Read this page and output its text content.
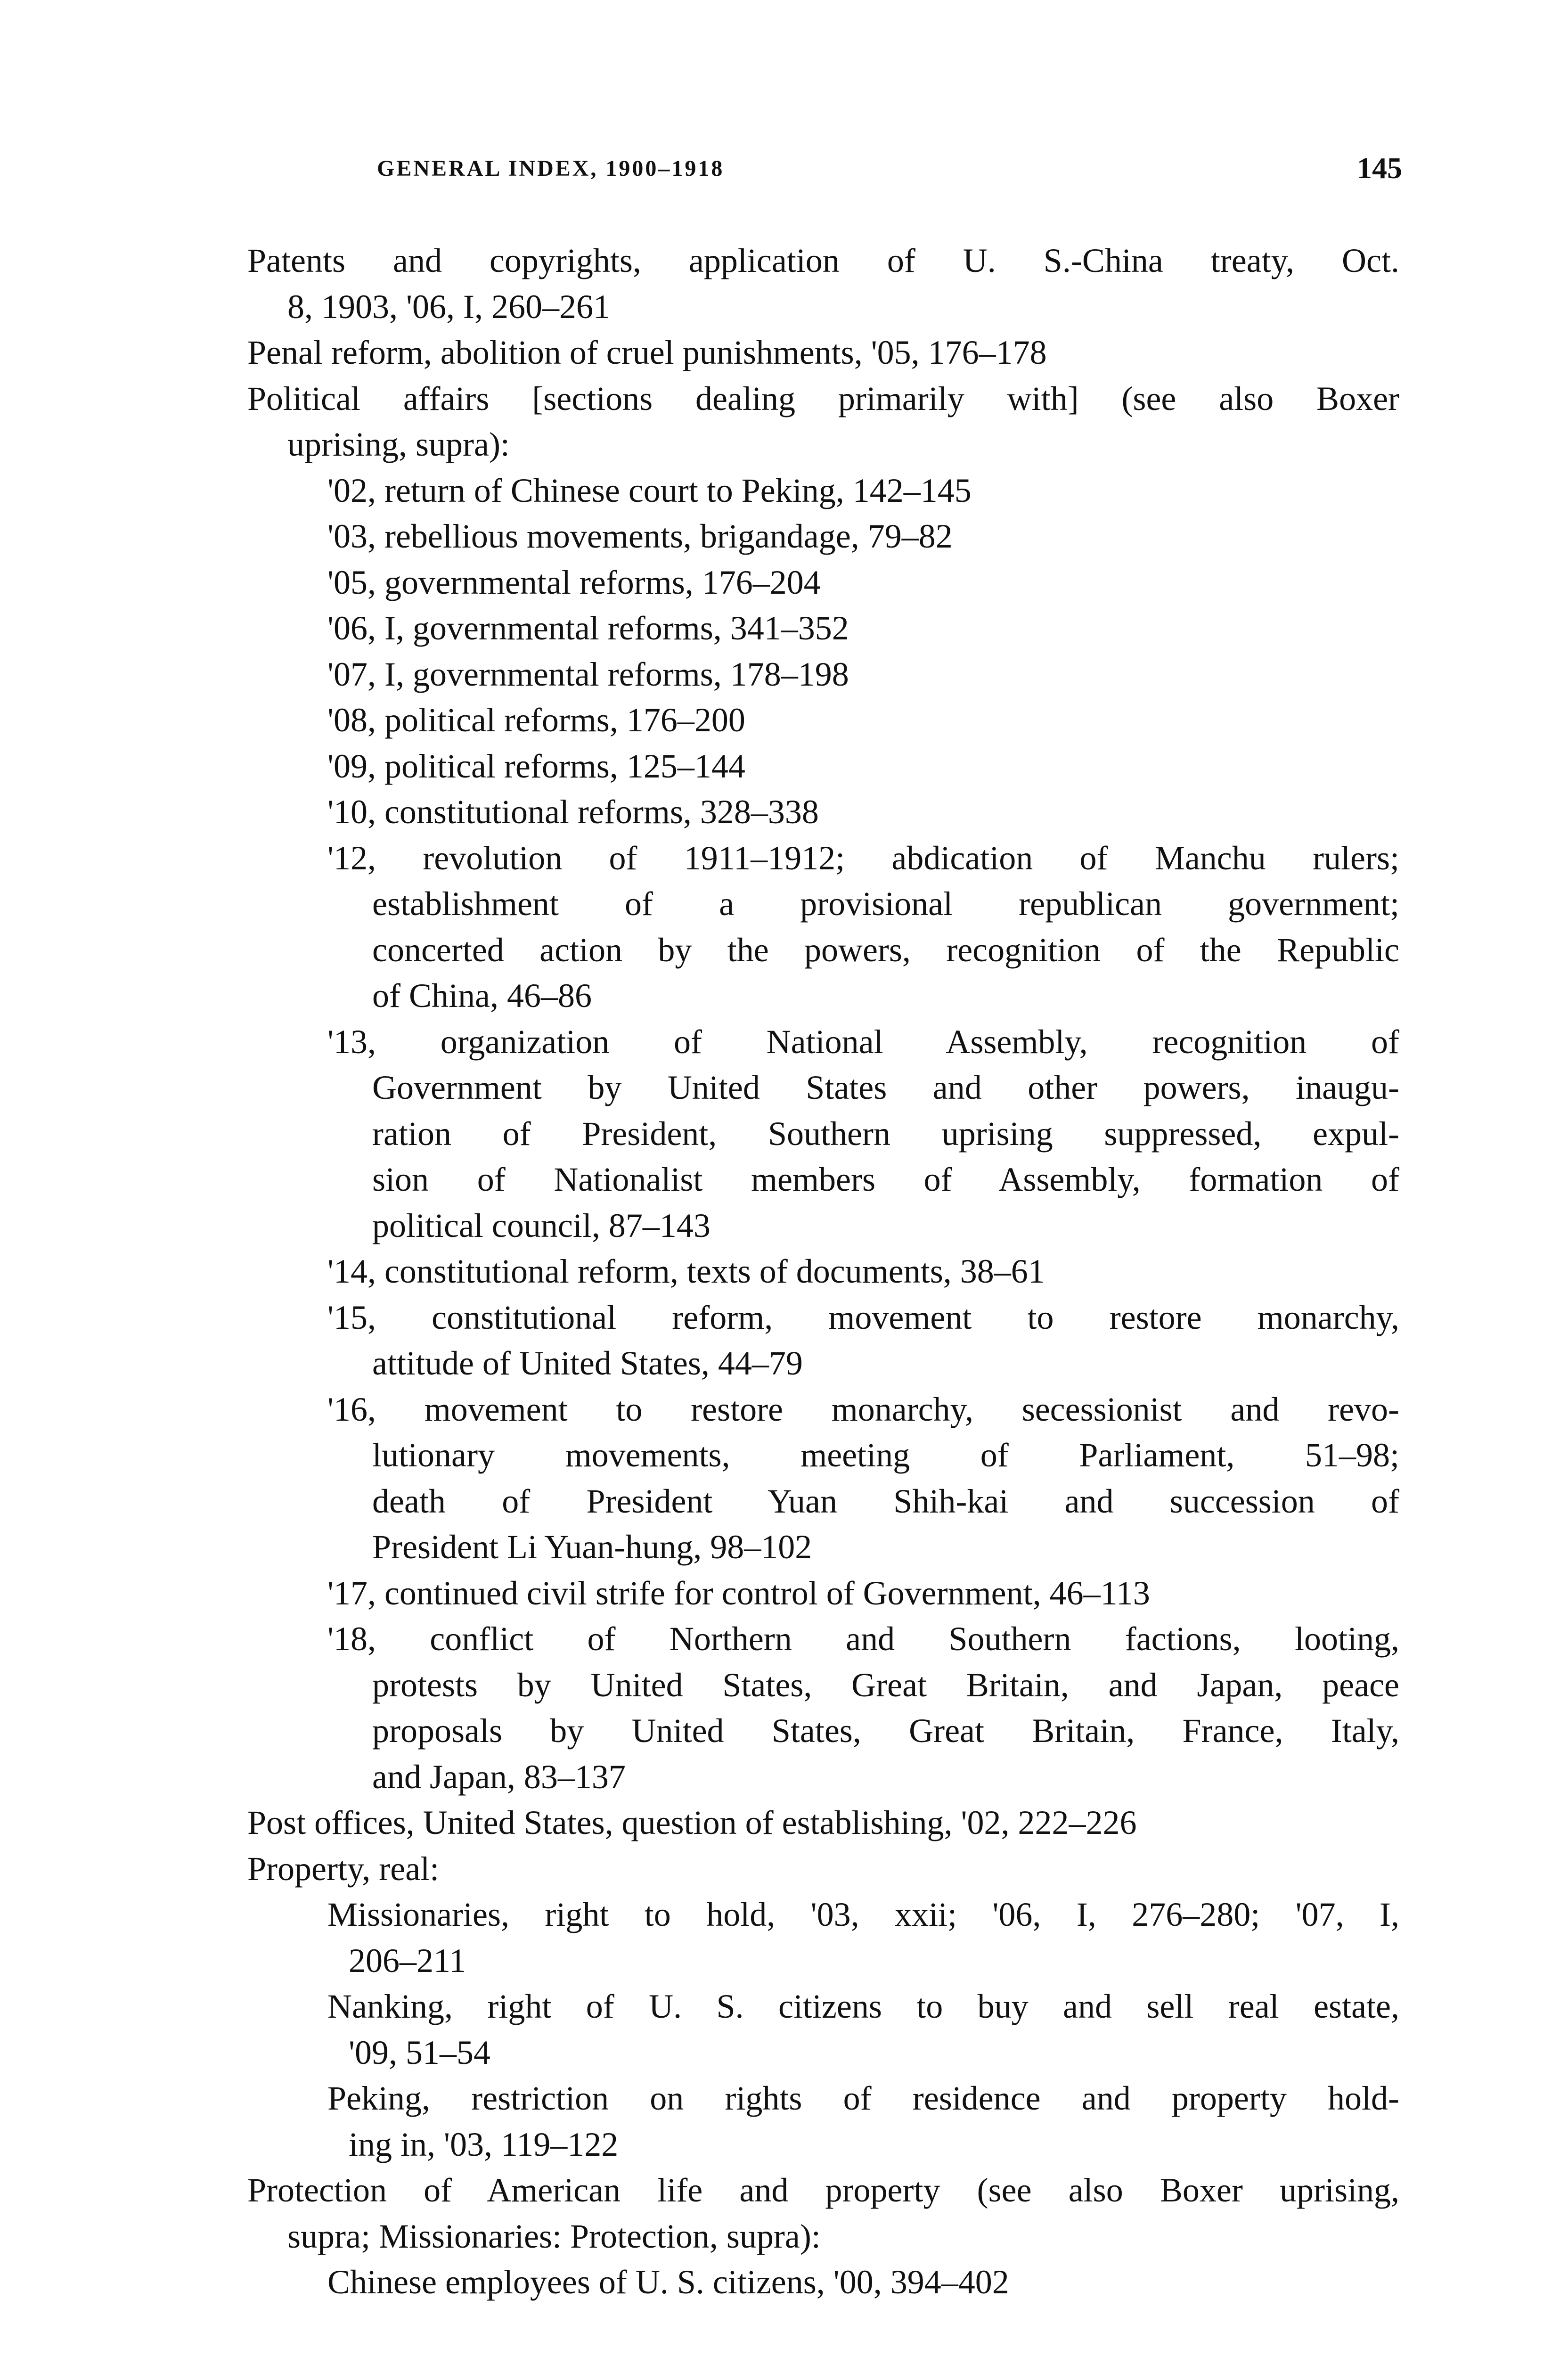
GENERAL INDEX, 1900–1918	145
Patents and copyrights, application of U. S.-China treaty, Oct.
8, 1903, '06, I, 260–261
Penal reform, abolition of cruel punishments, '05, 176–178
Political affairs [sections dealing primarily with] (see also Boxer
uprising, supra):
'02, return of Chinese court to Peking, 142–145
'03, rebellious movements, brigandage, 79–82
'05, governmental reforms, 176–204
'06, I, governmental reforms, 341–352
'07, I, governmental reforms, 178–198
'08, political reforms, 176–200
'09, political reforms, 125–144
'10, constitutional reforms, 328–338
'12, revolution of 1911–1912; abdication of Manchu rulers;
establishment of a provisional republican government;
concerted action by the powers, recognition of the Republic
of China, 46–86
'13, organization of National Assembly, recognition of
Government by United States and other powers, inaugu-
ration of President, Southern uprising suppressed, expul-
sion of Nationalist members of Assembly, formation of
political council, 87–143
'14, constitutional reform, texts of documents, 38–61
'15, constitutional reform, movement to restore monarchy,
attitude of United States, 44–79
'16, movement to restore monarchy, secessionist and revo-
lutionary movements, meeting of Parliament, 51–98;
death of President Yuan Shih-kai and succession of
President Li Yuan-hung, 98–102
'17, continued civil strife for control of Government, 46–113
'18, conflict of Northern and Southern factions, looting,
protests by United States, Great Britain, and Japan, peace
proposals by United States, Great Britain, France, Italy,
and Japan, 83–137
Post offices, United States, question of establishing, '02, 222–226
Property, real:
Missionaries, right to hold, '03, xxii; '06, I, 276–280; '07, I,
206–211
Nanking, right of U. S. citizens to buy and sell real estate,
'09, 51–54
Peking, restriction on rights of residence and property hold-
ing in, '03, 119–122
Protection of American life and property (see also Boxer uprising,
supra; Missionaries: Protection, supra):
Chinese employees of U. S. citizens, '00, 394–402
